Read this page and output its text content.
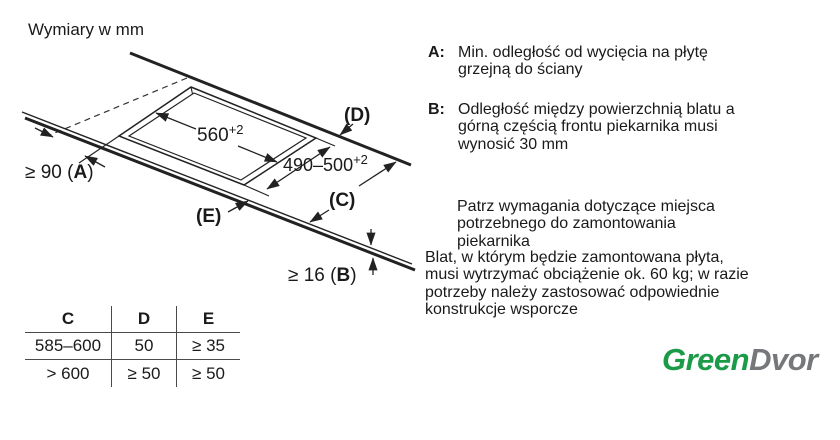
Wymiary w mm
$560^{+2}$
$490-500^{+2}$
(D)
(C)
(E)
≥ 16 (B)
≥ 90 (A)
A: Min. odległość od wycięcia na płytę
grzejną do ściany
B: Odległość między powierzchnią blatu a
górną częścią frontu piekarnika musi
wynosić 30 mm
Patrz wymagania dotyczące miejsca
potrzebnego do zamontowania
piekarnika
Blat, w którym będzie zamontowana płyta,
musi wytrzymać obciążenie ok. 60 kg; w razie
potrzeby należy zastosować odpowiednie
konstrukcje wsporcze
C	D	E
585–600	50	≥ 35
> 600	≥ 50	≥ 50	GreenDvor
